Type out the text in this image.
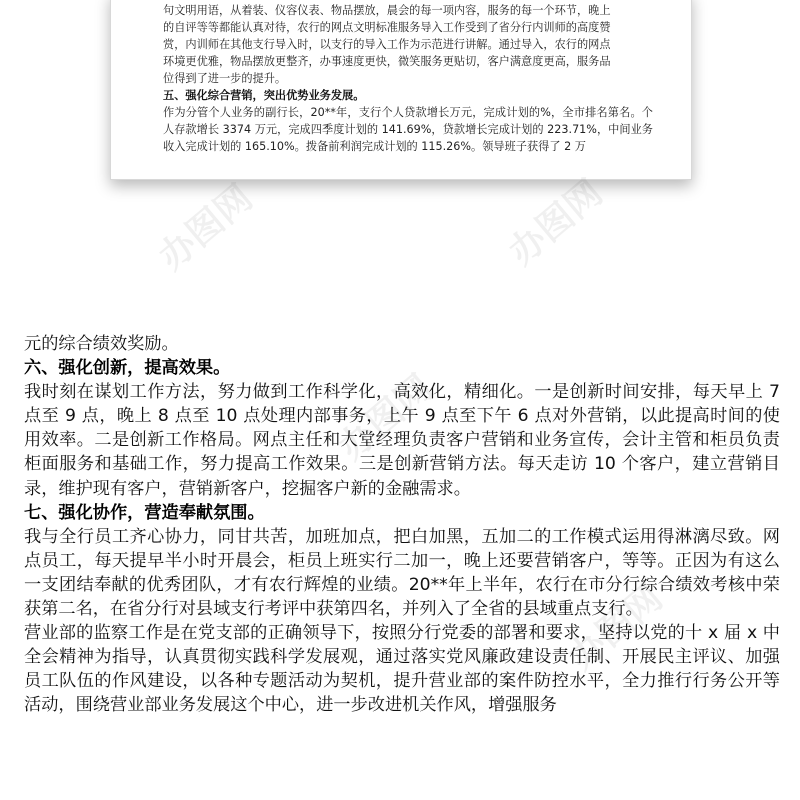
句文明用语，从着装、仪容仪表、物品摆放，晨会的每一项内容，服务的每一个环节，晚上

的自评等等都能认真对待，农行的网点文明标准服务导入工作受到了省分行内训师的高度赞

赏，内训师在其他支行导入时，以支行的导入工作为示范进行讲解。通过导入，农行的网点

环境更优雅，物品摆放更整齐，办事速度更快，微笑服务更贴切，客户满意度更高，服务品

位得到了进一步的提升。

五、强化综合营销，突出优势业务发展。

作为分管个人业务的副行长，20**年，支行个人贷款增长万元，完成计划的%，全市排名第名。个人存款增长 3374 万元，完成四季度计划的 141.69%，贷款增长完成计划的 223.71%，中间业务收入完成计划的 165.10%。拨备前利润完成计划的 115.26%。领导班子获得了 2 万

办图网	办图网
办图网
办图网

元的综合绩效奖励。

六、强化创新，提高效果。

我时刻在谋划工作方法，努力做到工作科学化，高效化，精细化。一是创新时间安排，每天早上 7 点至 9 点，晚上 8 点至 10 点处理内部事务，上午 9 点至下午 6 点对外营销，以此提高时间的使用效率。二是创新工作格局。网点主任和大堂经理负责客户营销和业务宣传，会计主管和柜员负责柜面服务和基础工作，努力提高工作效果。三是创新营销方法。每天走访 10 个客户，建立营销目录，维护现有客户，营销新客户，挖掘客户新的金融需求。

七、强化协作，营造奉献氛围。

我与全行员工齐心协力，同甘共苦，加班加点，把白加黑，五加二的工作模式运用得淋漓尽致。网点员工，每天提早半小时开晨会，柜员上班实行二加一，晚上还要营销客户，等等。正因为有这么一支团结奉献的优秀团队，才有农行辉煌的业绩。20**年上半年，农行在市分行综合绩效考核中荣获第二名，在省分行对县域支行考评中获第四名，并列入了全省的县域重点支行。

营业部的监察工作是在党支部的正确领导下，按照分行党委的部署和要求，坚持以党的十 x 届 x 中全会精神为指导，认真贯彻实践科学发展观，通过落实党风廉政建设责任制、开展民主评议、加强员工队伍的作风建设，以各种专题活动为契机，提升营业部的案件防控水平，全力推行行务公开等活动，围绕营业部业务发展这个中心，进一步改进机关作风，增强服务
